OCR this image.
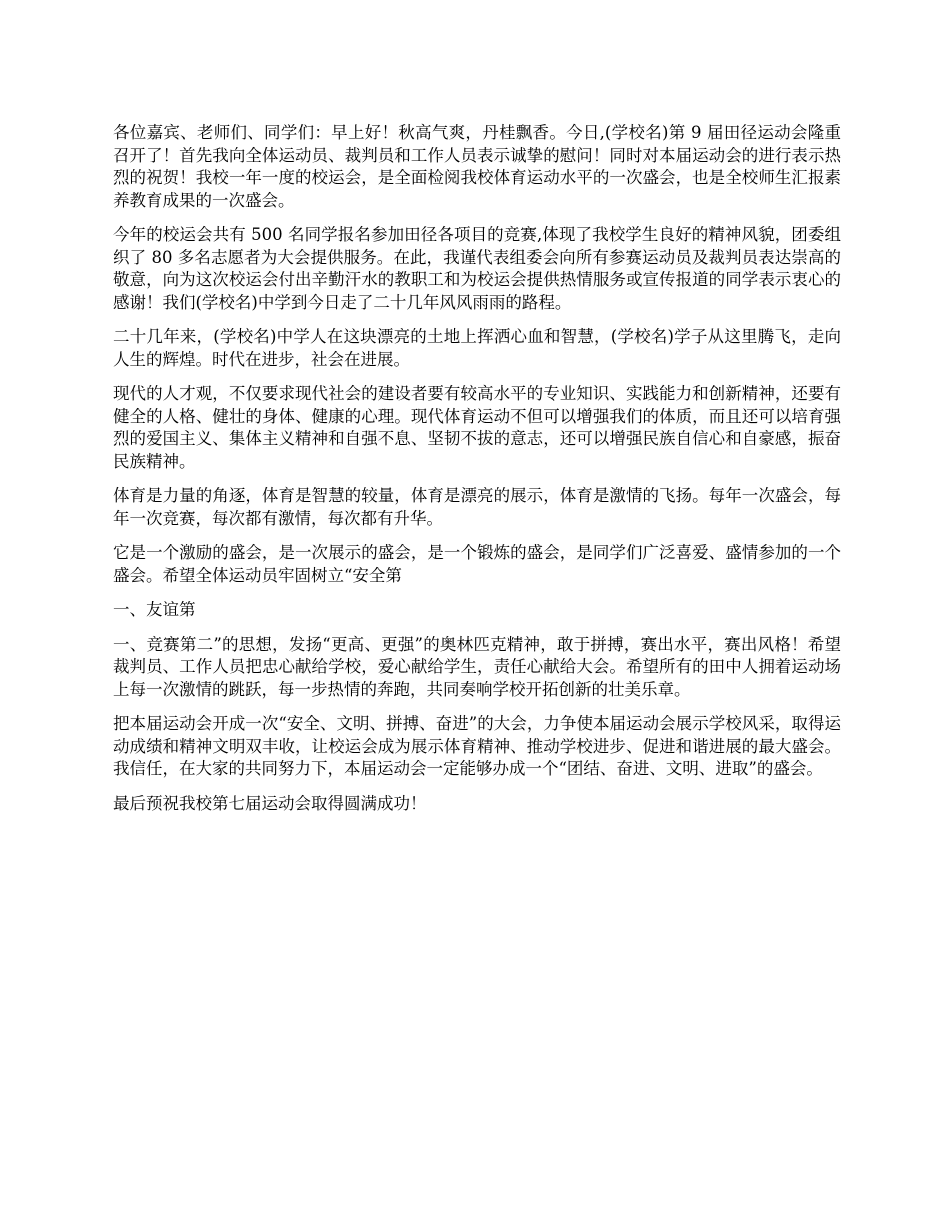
各位嘉宾、老师们、同学们：早上好！秋高气爽，丹桂飘香。今日,(学校名)第 9 届田径运动会隆重召开了！首先我向全体运动员、裁判员和工作人员表示诚挚的慰问！同时对本届运动会的进行表示热烈的祝贺！我校一年一度的校运会，是全面检阅我校体育运动水平的一次盛会，也是全校师生汇报素养教育成果的一次盛会。

今年的校运会共有 500 名同学报名参加田径各项目的竞赛,体现了我校学生良好的精神风貌，团委组织了 80 多名志愿者为大会提供服务。在此，我谨代表组委会向所有参赛运动员及裁判员表达崇高的敬意，向为这次校运会付出辛勤汗水的教职工和为校运会提供热情服务或宣传报道的同学表示衷心的感谢！我们(学校名)中学到今日走了二十几年风风雨雨的路程。

二十几年来，(学校名)中学人在这块漂亮的土地上挥洒心血和智慧，(学校名)学子从这里腾飞，走向人生的辉煌。时代在进步，社会在进展。

现代的人才观，不仅要求现代社会的建设者要有较高水平的专业知识、实践能力和创新精神，还要有健全的人格、健壮的身体、健康的心理。现代体育运动不但可以增强我们的体质，而且还可以培育强烈的爱国主义、集体主义精神和自强不息、坚韧不拔的意志，还可以增强民族自信心和自豪感，振奋民族精神。

体育是力量的角逐，体育是智慧的较量，体育是漂亮的展示，体育是激情的飞扬。每年一次盛会，每年一次竞赛，每次都有激情，每次都有升华。

它是一个激励的盛会，是一次展示的盛会，是一个锻炼的盛会，是同学们广泛喜爱、盛情参加的一个盛会。希望全体运动员牢固树立“安全第

一、友谊第

一、竞赛第二”的思想，发扬“更高、更强”的奥林匹克精神，敢于拼搏，赛出水平，赛出风格！希望裁判员、工作人员把忠心献给学校，爱心献给学生，责任心献给大会。希望所有的田中人拥着运动场上每一次激情的跳跃，每一步热情的奔跑，共同奏响学校开拓创新的壮美乐章。

把本届运动会开成一次“安全、文明、拼搏、奋进”的大会，力争使本届运动会展示学校风采，取得运动成绩和精神文明双丰收，让校运会成为展示体育精神、推动学校进步、促进和谐进展的最大盛会。我信任，在大家的共同努力下，本届运动会一定能够办成一个“团结、奋进、文明、进取”的盛会。

最后预祝我校第七届运动会取得圆满成功！
